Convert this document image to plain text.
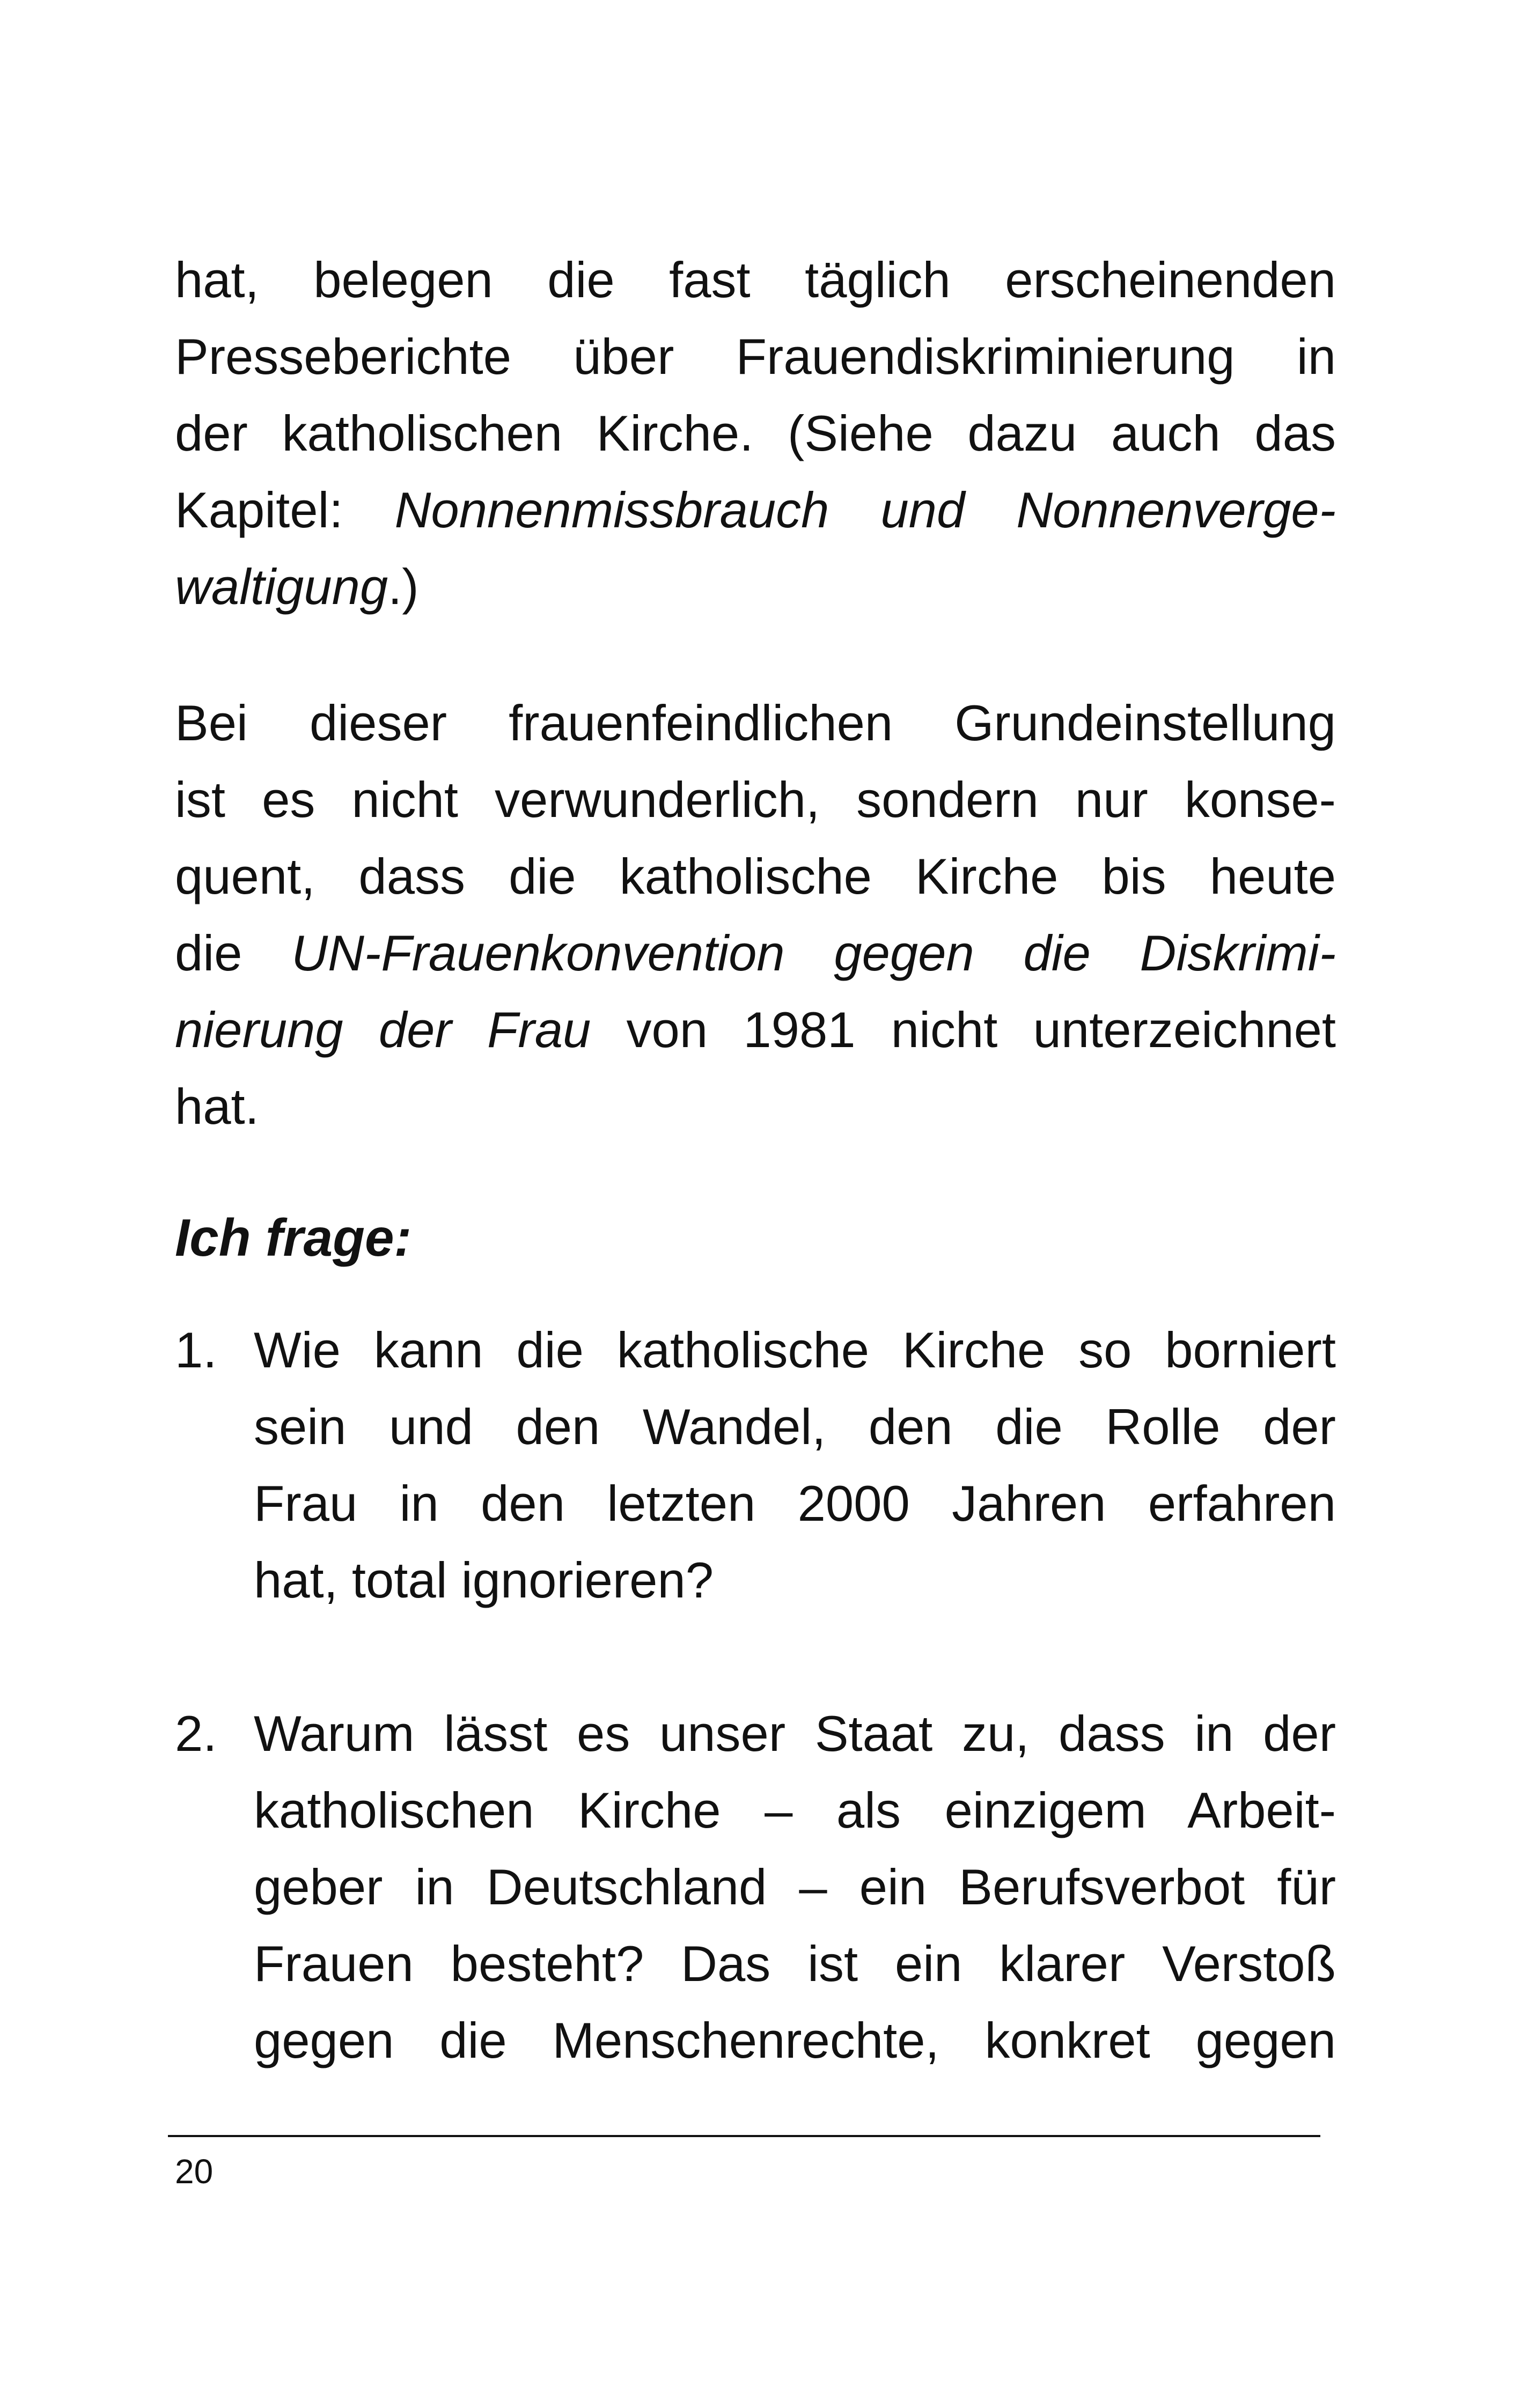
hat, belegen die fast täglich erscheinenden
Presseberichte über Frauendiskriminierung in
der katholischen Kirche. (Siehe dazu auch das
Kapitel: Nonnenmissbrauch und Nonnenverge-
waltigung.)
Bei dieser frauenfeindlichen Grundeinstellung
ist es nicht verwunderlich, sondern nur konse-
quent, dass die katholische Kirche bis heute
die UN-Frauenkonvention gegen die Diskrimi-
nierung der Frau von 1981 nicht unterzeichnet
hat.
Ich frage:
1. Wie kann die katholische Kirche so borniert
sein und den Wandel, den die Rolle der
Frau in den letzten 2000 Jahren erfahren
hat, total ignorieren?
2. Warum lässt es unser Staat zu, dass in der
katholischen Kirche – als einzigem Arbeit-
geber in Deutschland – ein Berufsverbot für
Frauen besteht? Das ist ein klarer Verstoß
gegen die Menschenrechte, konkret gegen
20
